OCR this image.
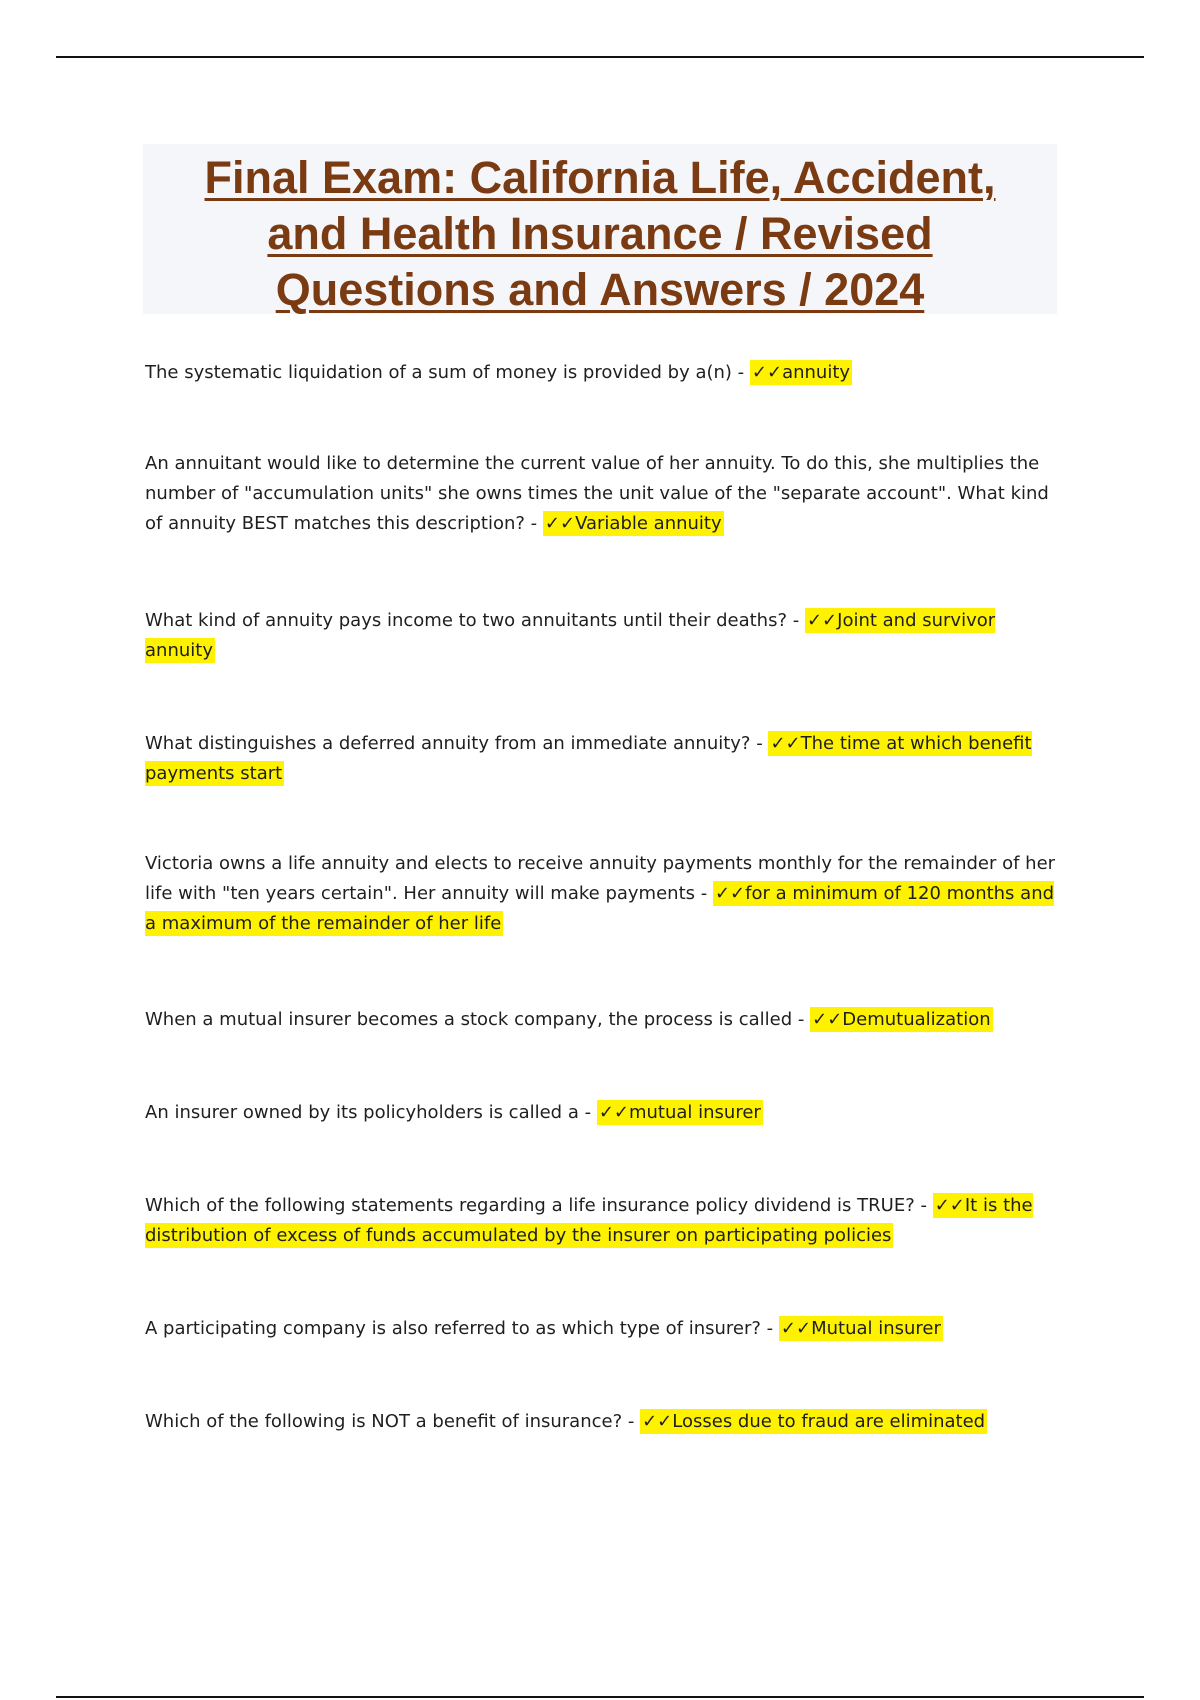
Final Exam: California Life, Accident,
and Health Insurance / Revised
Questions and Answers / 2024

The systematic liquidation of a sum of money is provided by a(n) - ✓✓annuity

An annuitant would like to determine the current value of her annuity. To do this, she multiplies the number of "accumulation units" she owns times the unit value of the "separate account". What kind of annuity BEST matches this description? - ✓✓Variable annuity

What kind of annuity pays income to two annuitants until their deaths? - ✓✓Joint and survivor annuity

What distinguishes a deferred annuity from an immediate annuity? - ✓✓The time at which benefit payments start

Victoria owns a life annuity and elects to receive annuity payments monthly for the remainder of her life with "ten years certain". Her annuity will make payments - ✓✓for a minimum of 120 months and a maximum of the remainder of her life

When a mutual insurer becomes a stock company, the process is called - ✓✓Demutualization

An insurer owned by its policyholders is called a - ✓✓mutual insurer

Which of the following statements regarding a life insurance policy dividend is TRUE? - ✓✓It is the distribution of excess of funds accumulated by the insurer on participating policies

A participating company is also referred to as which type of insurer? - ✓✓Mutual insurer

Which of the following is NOT a benefit of insurance? - ✓✓Losses due to fraud are eliminated
